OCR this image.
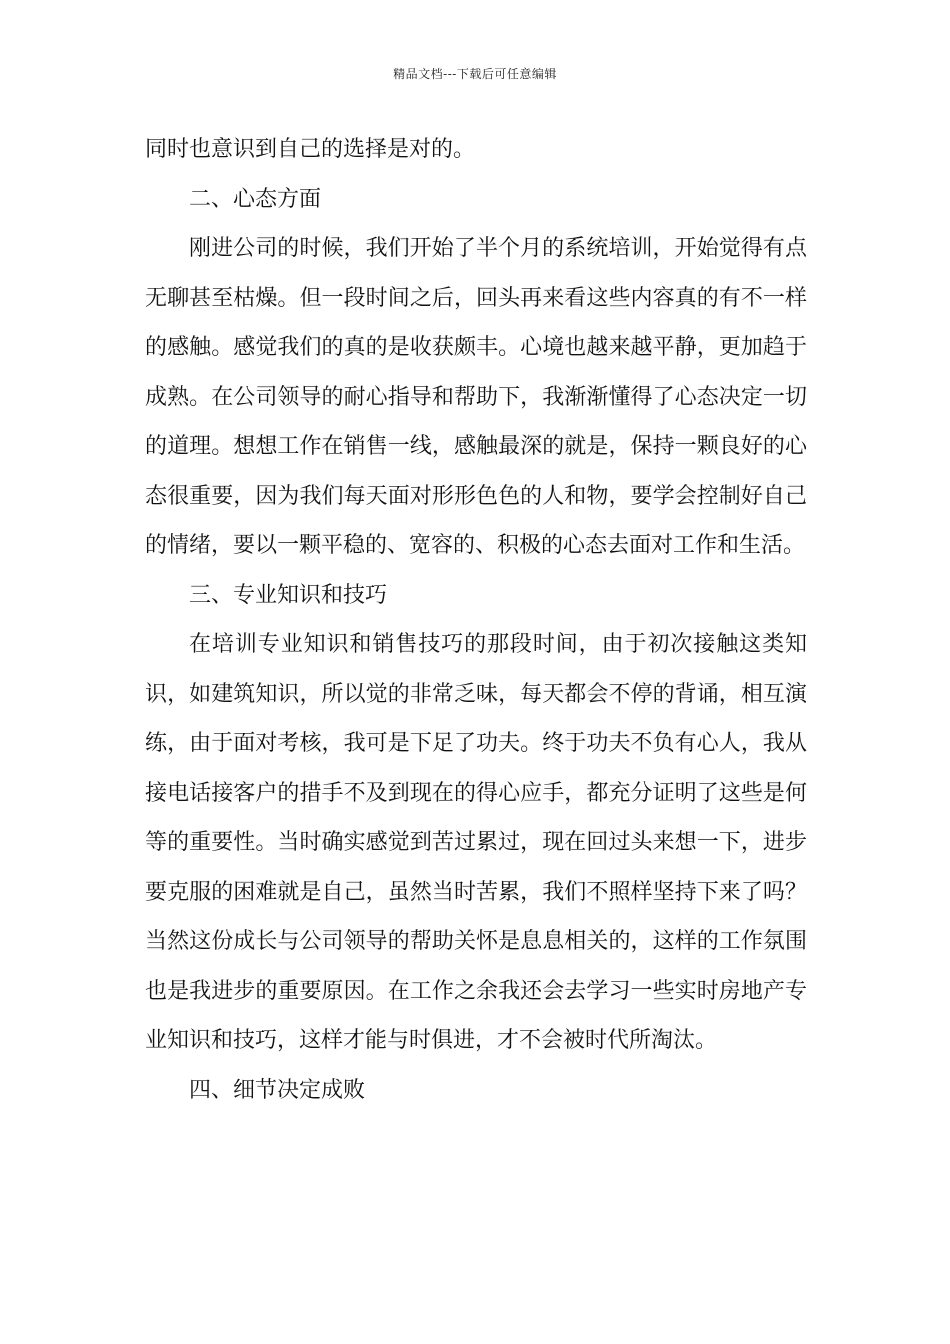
精品文档---下载后可任意编辑

同时也意识到自己的选择是对的。

二、心态方面

刚进公司的时候，我们开始了半个月的系统培训，开始觉得有点无聊甚至枯燥。但一段时间之后，回头再来看这些内容真的有不一样的感触。感觉我们的真的是收获颇丰。心境也越来越平静，更加趋于成熟。在公司领导的耐心指导和帮助下，我渐渐懂得了心态决定一切的道理。想想工作在销售一线，感触最深的就是，保持一颗良好的心态很重要，因为我们每天面对形形色色的人和物，要学会控制好自己的情绪，要以一颗平稳的、宽容的、积极的心态去面对工作和生活。

三、专业知识和技巧

在培训专业知识和销售技巧的那段时间，由于初次接触这类知识，如建筑知识，所以觉的非常乏味，每天都会不停的背诵，相互演练，由于面对考核，我可是下足了功夫。终于功夫不负有心人，我从接电话接客户的措手不及到现在的得心应手，都充分证明了这些是何等的重要性。当时确实感觉到苦过累过，现在回过头来想一下，进步要克服的困难就是自己，虽然当时苦累，我们不照样坚持下来了吗？当然这份成长与公司领导的帮助关怀是息息相关的，这样的工作氛围也是我进步的重要原因。在工作之余我还会去学习一些实时房地产专业知识和技巧，这样才能与时俱进，才不会被时代所淘汰。

四、细节决定成败
